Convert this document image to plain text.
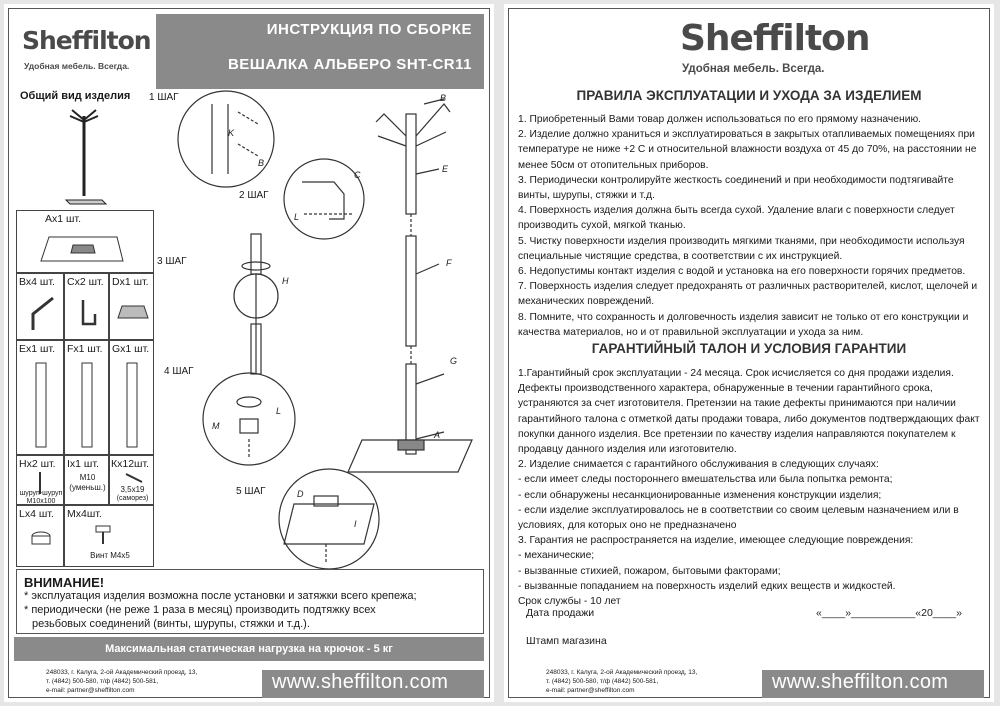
Sheffilton
Удобная мебель. Всегда.
ИНСТРУКЦИЯ ПО СБОРКЕ
ВЕШАЛКА АЛЬБЕРО SHT-CR11
Общий вид изделия
Ах1 шт.
Вх4 шт. Сх2 шт. Dx1 шт.
Ех1 шт. Fх1 шт. Gх1 шт.
Нх2 шт.
шуруп-шуруп М10х100
Iх1 шт.
М10
(уменьш.)
Кх12шт.
3,5х19
(саморез)
Lx4 шт. Мх4шт.
Винт М4х5
1 ШАГ
2 ШАГ
3 ШАГ
4 ШАГ
5 ШАГ
B
K
B
C
L
E
F
H
G
A
L
M
D
I
ВНИМАНИЕ!
* эксплуатация изделия возможна после установки и затяжки всего крепежа;
* периодически (не реже 1 раза в месяц) производить подтяжку всех
резьбовых соединений (винты, шурупы, стяжки и т.д.).
Максимальная статическая нагрузка на крючок - 5 кг
248033, г. Калуга, 2-ой Академический проезд, 13,
т. (4842) 500-580, т/ф (4842) 500-581,
e-mail: partner@sheffilton.com	www.sheffilton.com
Sheffilton
Удобная мебель. Всегда.
ПРАВИЛА ЭКСПЛУАТАЦИИ И УХОДА ЗА ИЗДЕЛИЕМ

1. Приобретенный Вами товар должен использоваться по его прямому назначению.

2. Изделие должно храниться и эксплуатироваться в закрытых отапливаемых помещениях при температуре не ниже +2 С и относительной влажности воздуха от 45 до 70%, на расстоянии не менее 50см от отопительных приборов.

3. Периодически контролируйте жесткость соединений и при необходимости подтягивайте винты, шурупы, стяжки и т.д.

4. Поверхность изделия должна быть всегда сухой. Удаление влаги с поверхности следует производить сухой, мягкой тканью.

5. Чистку поверхности изделия производить мягкими тканями, при необходимости используя специальные чистящие средства, в соответствии с их инструкцией.

6. Недопустимы контакт изделия с водой и установка на его поверхности горячих предметов.

7. Поверхность изделия следует предохранять от различных растворителей, кислот, щелочей и механических повреждений.

8. Помните, что сохранность и долговечность изделия зависит не только от его конструкции и качества материалов, но и от правильной эксплуатации и ухода за ним.

ГАРАНТИЙНЫЙ ТАЛОН И УСЛОВИЯ ГАРАНТИИ

1.Гарантийный срок эксплуатации - 24 месяца. Срок исчисляется со дня продажи изделия. Дефекты производственного характера, обнаруженные в течении гарантийного срока, устраняются за счет изготовителя. Претензии на такие дефекты принимаются при наличии гарантийного талона с отметкой даты продажи товара, либо документов подтверждающих факт покупки данного изделия. Все претензии по качеству изделия направляются покупателем к продавцу данного изделия или изготовителю.

2. Изделие снимается с гарантийного обслуживания в следующих случаях:

- если имеет следы постороннего вмешательства или была попытка ремонта;

- если обнаружены несанкционированные изменения конструкции изделия;

- если изделие эксплуатировалось не в соответствии со своим целевым назначением или в условиях, для которых оно не предназначено

3. Гарантия не распространяется на изделие, имеющее следующие повреждения:

- механические;

- вызванные стихией, пожаром, бытовыми факторами;

- вызванные попаданием на поверхность изделий едких веществ и жидкостей.

Срок службы - 10 лет

Дата продажи	«____»___________«20____»
Штамп магазина
248033, г. Калуга, 2-ой Академический проезд, 13,
т. (4842) 500-580, т/ф (4842) 500-581,
e-mail: partner@sheffilton.com	www.sheffilton.com
